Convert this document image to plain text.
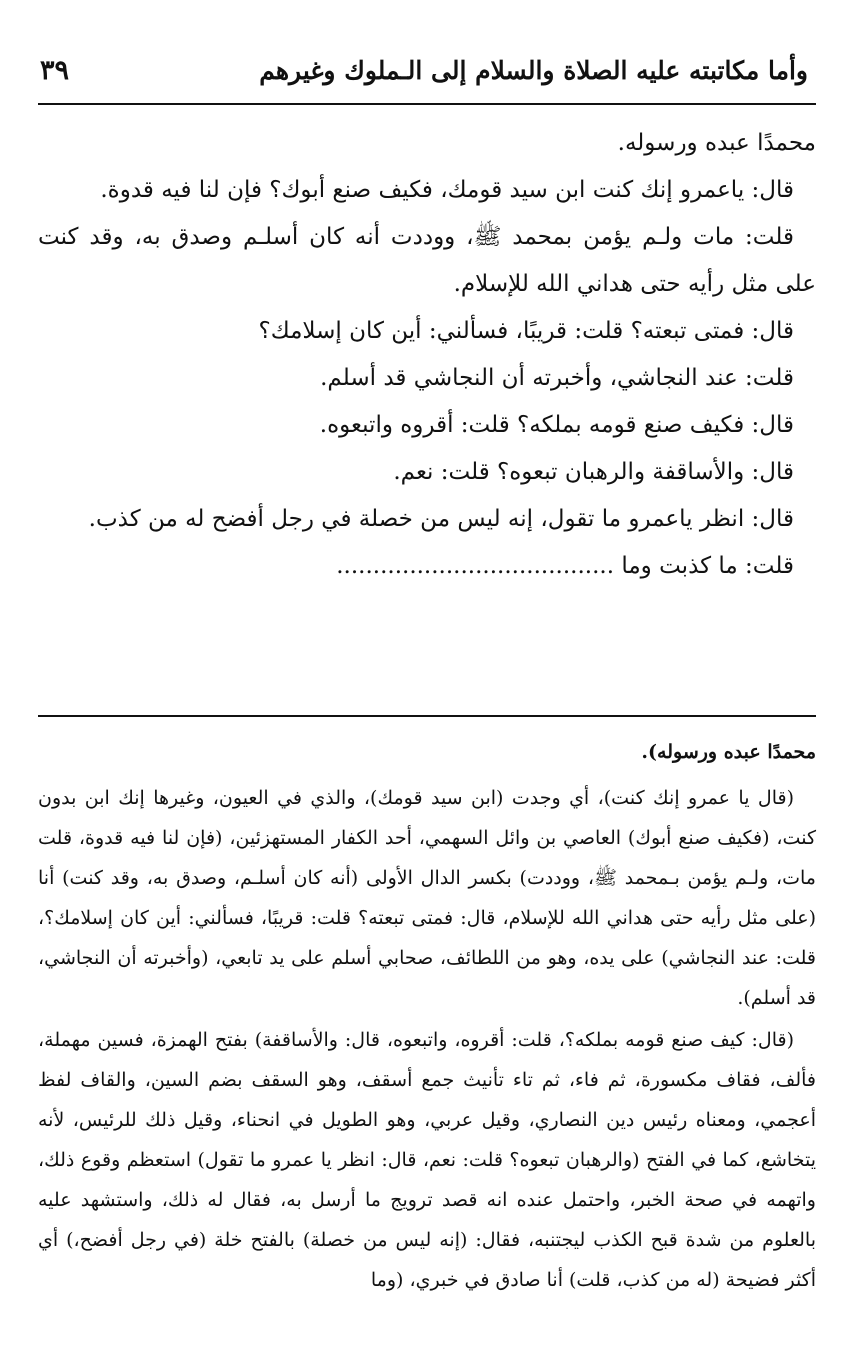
وأما مكاتبته عليه الصلاة والسلام إلى الـملوك وغيرهم
٣٩

محمدًا عبده ورسوله.

قال: ياعمرو إنك كنت ابن سيد قومك، فكيف صنع أبوك؟ فإن لنا فيه قدوة.

قلت: مات ولـم يؤمن بمحمد ﷺ، ووددت أنه كان أسلـم وصدق به، وقد كنت على مثل رأيه حتى هداني الله للإسلام.

قال: فمتى تبعته؟ قلت: قريبًا، فسألني: أين كان إسلامك؟

قلت: عند النجاشي، وأخبرته أن النجاشي قد أسلم.

قال: فكيف صنع قومه بملكه؟ قلت: أقروه واتبعوه.

قال: والأساقفة والرهبان تبعوه؟ قلت: نعم.

قال: انظر ياعمرو ما تقول، إنه ليس من خصلة في رجل أفضح له من كذب.

قلت: ما كذبت وما ......................................

محمدًا عبده ورسوله).

(قال يا عمرو إنك كنت)، أي وجدت (ابن سيد قومك)، والذي في العيون، وغيرها إنك ابن بدون كنت، (فكيف صنع أبوك) العاصي بن وائل السهمي، أحد الكفار المستهزئين، (فإن لنا فيه قدوة، قلت مات، ولـم يؤمن بـمحمد ﷺ، ووددت) بكسر الدال الأولى (أنه كان أسلـم، وصدق به، وقد كنت) أنا (على مثل رأيه حتى هداني الله للإسلام، قال: فمتى تبعته؟ قلت: قريبًا، فسألني: أين كان إسلامك؟، قلت: عند النجاشي) على يده، وهو من اللطائف، صحابي أسلم على يد تابعي، (وأخبرته أن النجاشي، قد أسلم).

(قال: كيف صنع قومه بملكه؟، قلت: أقروه، واتبعوه، قال: والأساقفة) بفتح الهمزة، فسين مهملة، فألف، فقاف مكسورة، ثم فاء، ثم تاء تأنيث جمع أسقف، وهو السقف بضم السين، والقاف لفظ أعجمي، ومعناه رئيس دين النصاري، وقيل عربي، وهو الطويل في انحناء، وقيل ذلك للرئيس، لأنه يتخاشع، كما في الفتح (والرهبان تبعوه؟ قلت: نعم، قال: انظر يا عمرو ما تقول) استعظم وقوع ذلك، واتهمه في صحة الخبر، واحتمل عنده انه قصد ترويج ما أرسل به، فقال له ذلك، واستشهد عليه بالعلوم من شدة قبح الكذب ليجتنبه، فقال: (إنه ليس من خصلة) بالفتح خلة (في رجل أفضح،) أي أكثر فضيحة (له من كذب، قلت) أنا صادق في خبري، (وما
